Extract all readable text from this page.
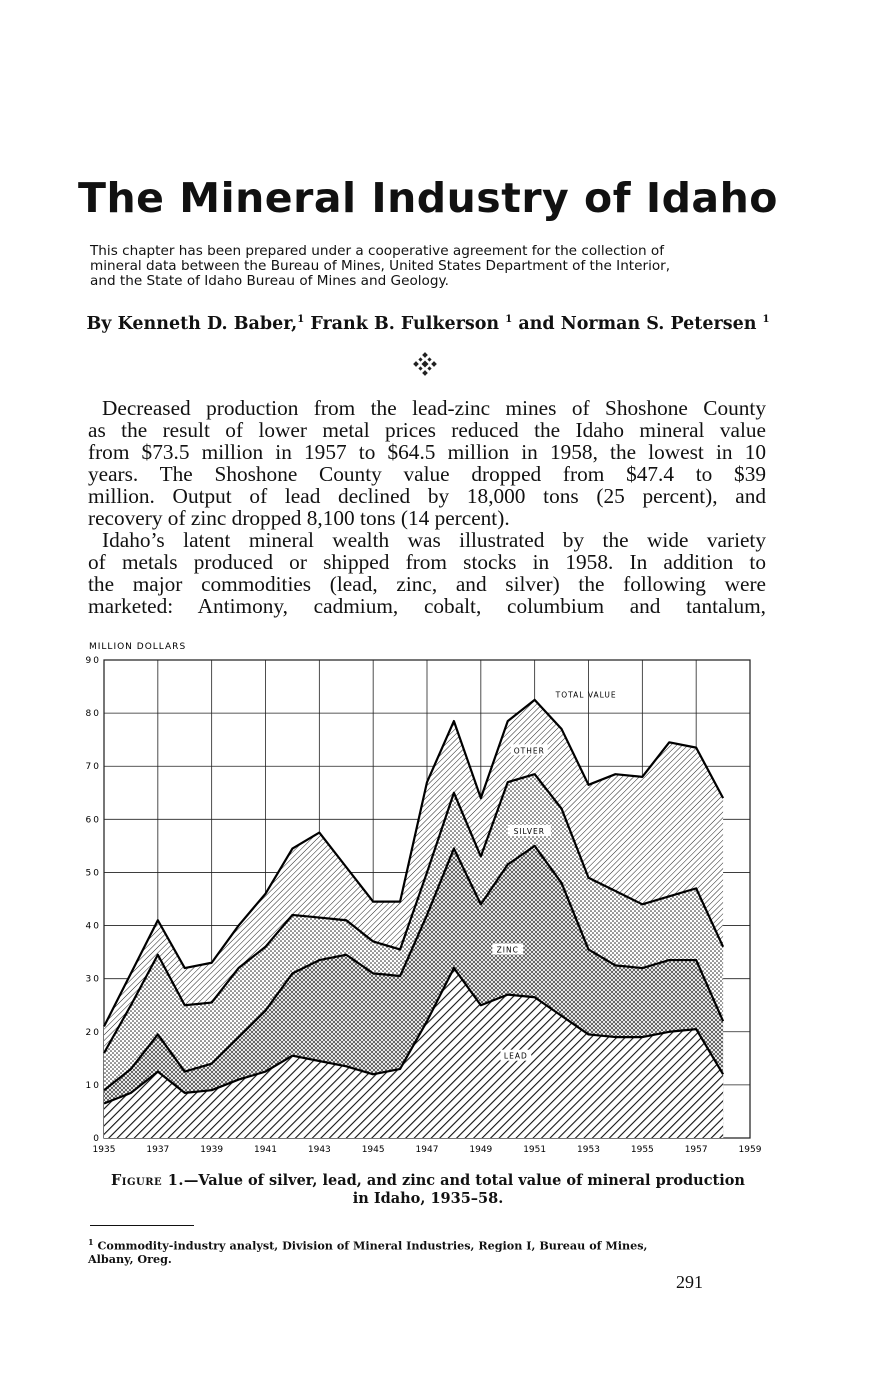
The Mineral Industry of Idaho
This chapter has been prepared under a cooperative agreement for the collection of
mineral data between the Bureau of Mines, United States Department of the Interior,
and the State of Idaho Bureau of Mines and Geology.
By Kenneth D. Baber,$^1$ Frank B. Fulkerson $^1$ and Norman S. Petersen $^1$
Decreased production from the lead-zinc mines of Shoshone County
as the result of lower metal prices reduced the Idaho mineral value
from $73.5 million in 1957 to $64.5 million in 1958, the lowest in 10
years. The Shoshone County value dropped from $47.4 to $39
million. Output of lead declined by 18,000 tons (25 percent), and
recovery of zinc dropped 8,100 tons (14 percent).
Idaho’s latent mineral wealth was illustrated by the wide variety
of metals produced or shipped from stocks in 1958. In addition to
the major commodities (lead, zinc, and silver) the following were
marketed: Antimony, cadmium, cobalt, columbium and tantalum,
MILLION DOLLARS
0
10
20
30
40
50
60
70
80
90
1935	1937	1939	1941	1943	1945	1947	1949	1951	1953	1955	1957	1959
LEAD
ZINC
SILVER
OTHER
TOTAL VALUE
Figure 1.—Value of silver, lead, and zinc and total value of mineral production
in Idaho, 1935–58.
$^1$ Commodity-industry analyst, Division of Mineral Industries, Region I, Bureau of Mines,
Albany, Oreg.
291
